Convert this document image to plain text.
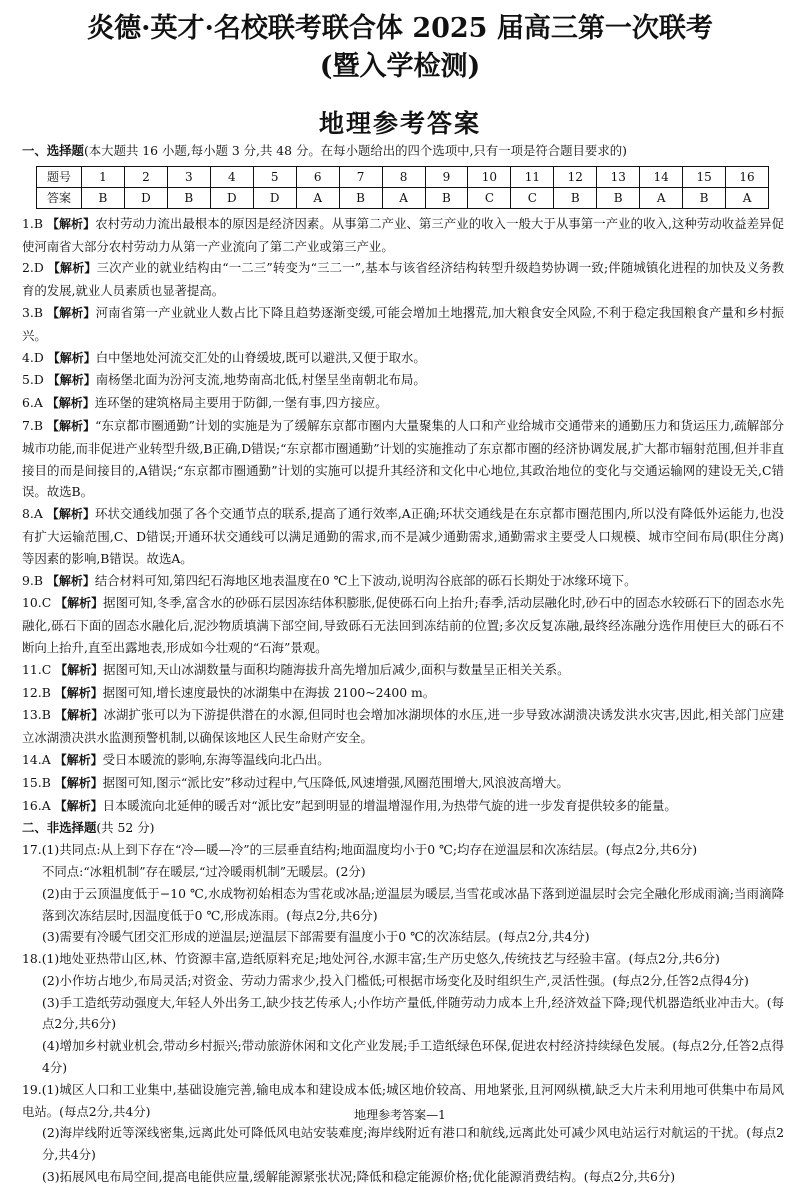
炎德·英才·名校联考联合体 2025 届高三第一次联考
(暨入学检测)
地理参考答案
一、选择题(本大题共 16 小题,每小题 3 分,共 48 分。在每小题给出的四个选项中,只有一项是符合题目要求的)
题号	1	2	3	4	5	6	7	8	9	10	11	12	13	14	15	16
答案	B	D	B	D	D	A	B	A	B	C	C	B	B	A	B	A
1.B 【解析】农村劳动力流出最根本的原因是经济因素。从事第二产业、第三产业的收入一般大于从事第一产业的收入,这种劳动收益差异促使河南省大部分农村劳动力从第一产业流向了第二产业或第三产业。
2.D 【解析】三次产业的就业结构由“一二三”转变为“三二一”,基本与该省经济结构转型升级趋势协调一致;伴随城镇化进程的加快及义务教育的发展,就业人员素质也显著提高。
3.B 【解析】河南省第一产业就业人数占比下降且趋势逐渐变缓,可能会增加土地撂荒,加大粮食安全风险,不利于稳定我国粮食产量和乡村振兴。
4.D 【解析】白中堡地处河流交汇处的山脊缓坡,既可以避洪,又便于取水。
5.D 【解析】南杨堡北面为汾河支流,地势南高北低,村堡呈坐南朝北布局。
6.A 【解析】连环堡的建筑格局主要用于防御,一堡有事,四方接应。
7.B 【解析】“东京都市圈通勤”计划的实施是为了缓解东京都市圈内大量聚集的人口和产业给城市交通带来的通勤压力和货运压力,疏解部分城市功能,而非促进产业转型升级,B正确,D错误;“东京都市圈通勤”计划的实施推动了东京都市圈的经济协调发展,扩大都市辐射范围,但并非直接目的而是间接目的,A错误;“东京都市圈通勤”计划的实施可以提升其经济和文化中心地位,其政治地位的变化与交通运输网的建设无关,C错误。故选B。
8.A 【解析】环状交通线加强了各个交通节点的联系,提高了通行效率,A正确;环状交通线是在东京都市圈范围内,所以没有降低外运能力,也没有扩大运输范围,C、D错误;开通环状交通线可以满足通勤的需求,而不是减少通勤需求,通勤需求主要受人口规模、城市空间布局(职住分离)等因素的影响,B错误。故选A。
9.B 【解析】结合材料可知,第四纪石海地区地表温度在0 ℃上下波动,说明沟谷底部的砾石长期处于冰缘环境下。
10.C 【解析】据图可知,冬季,富含水的砂砾石层因冻结体积膨胀,促使砾石向上抬升;春季,活动层融化时,砂石中的固态水较砾石下的固态水先融化,砾石下面的固态水融化后,泥沙物质填满下部空间,导致砾石无法回到冻结前的位置;多次反复冻融,最终经冻融分选作用使巨大的砾石不断向上抬升,直至出露地表,形成如今壮观的“石海”景观。
11.C 【解析】据图可知,天山冰湖数量与面积均随海拔升高先增加后减少,面积与数量呈正相关关系。
12.B 【解析】据图可知,增长速度最快的冰湖集中在海拔 2100~2400 m。
13.B 【解析】冰湖扩张可以为下游提供潜在的水源,但同时也会增加冰湖坝体的水压,进一步导致冰湖溃决诱发洪水灾害,因此,相关部门应建立冰湖溃决洪水监测预警机制,以确保该地区人民生命财产安全。
14.A 【解析】受日本暖流的影响,东海等温线向北凸出。
15.B 【解析】据图可知,图示“派比安”移动过程中,气压降低,风速增强,风圈范围增大,风浪波高增大。
16.A 【解析】日本暖流向北延伸的暖舌对“派比安”起到明显的增温增湿作用,为热带气旋的进一步发育提供较多的能量。
二、非选择题(共 52 分)
17.(1)共同点:从上到下存在“冷—暖—冷”的三层垂直结构;地面温度均小于0 ℃;均存在逆温层和次冻结层。(每点2分,共6分)
不同点:“冰粗机制”存在暖层,“过冷暖雨机制”无暖层。(2分)
(2)由于云顶温度低于−10 ℃,水成物初始相态为雪花或冰晶;逆温层为暖层,当雪花或冰晶下落到逆温层时会完全融化形成雨滴;当雨滴降落到次冻结层时,因温度低于0 ℃,形成冻雨。(每点2分,共6分)
(3)需要有冷暖气团交汇形成的逆温层;逆温层下部需要有温度小于0 ℃的次冻结层。(每点2分,共4分)
18.(1)地处亚热带山区,林、竹资源丰富,造纸原料充足;地处河谷,水源丰富;生产历史悠久,传统技艺与经验丰富。(每点2分,共6分)
(2)小作坊占地少,布局灵活;对资金、劳动力需求少,投入门槛低;可根据市场变化及时组织生产,灵活性强。(每点2分,任答2点得4分)
(3)手工造纸劳动强度大,年轻人外出务工,缺少技艺传承人;小作坊产量低,伴随劳动力成本上升,经济效益下降;现代机器造纸业冲击大。(每点2分,共6分)
(4)增加乡村就业机会,带动乡村振兴;带动旅游休闲和文化产业发展;手工造纸绿色环保,促进农村经济持续绿色发展。(每点2分,任答2点得4分)
19.(1)城区人口和工业集中,基础设施完善,输电成本和建设成本低;城区地价较高、用地紧张,且河网纵横,缺乏大片未利用地可供集中布局风电站。(每点2分,共4分)
(2)海岸线附近等深线密集,远离此处可降低风电站安装难度;海岸线附近有港口和航线,远离此处可减少风电站运行对航运的干扰。(每点2分,共4分)
(3)拓展风电布局空间,提高电能供应量,缓解能源紧张状况;降低和稳定能源价格;优化能源消费结构。(每点2分,共6分)
地理参考答案—1
